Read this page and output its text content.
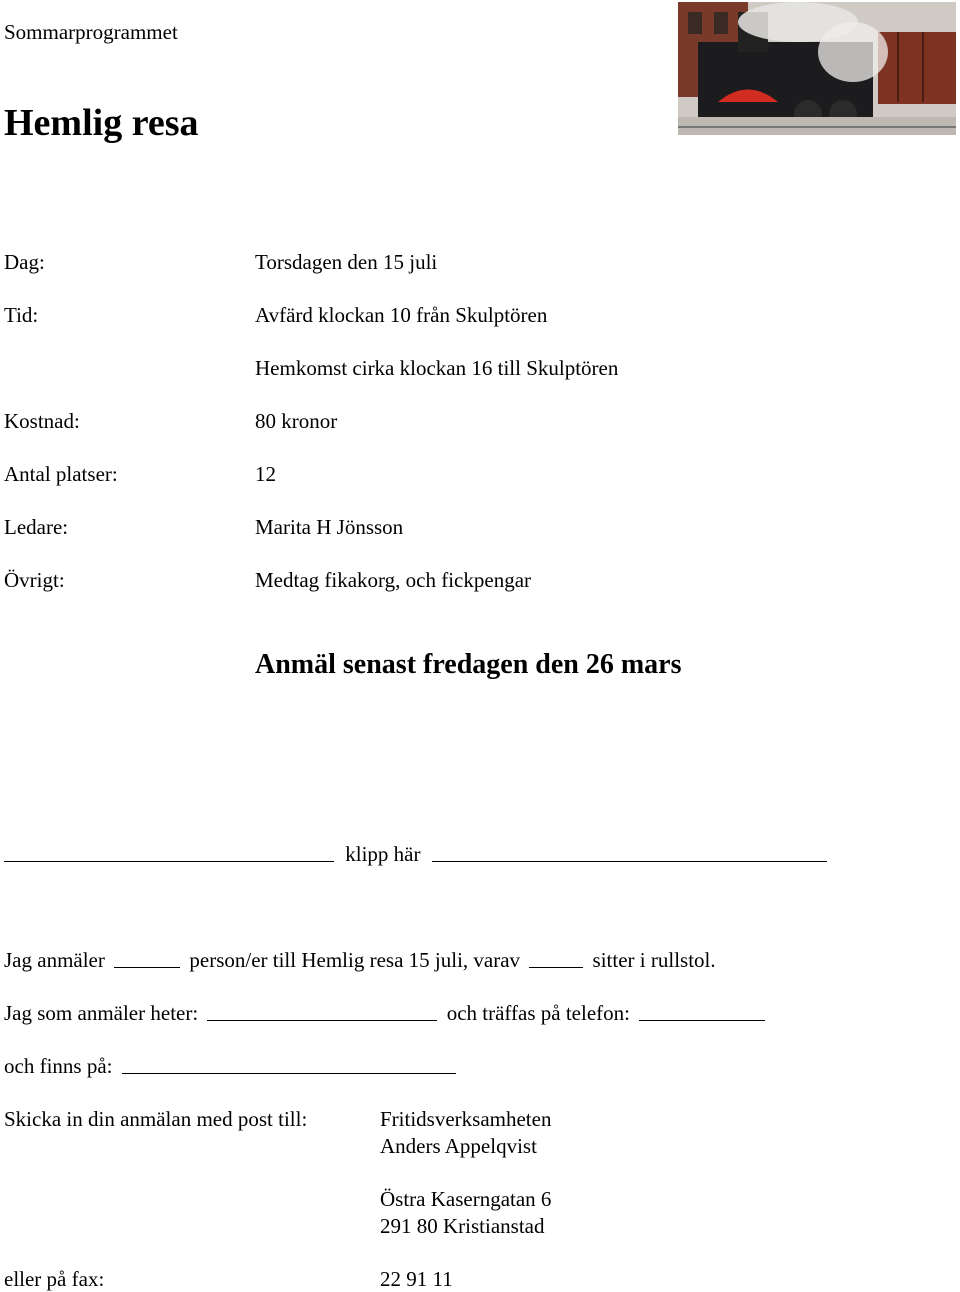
Sommarprogrammet
Hemlig resa
Dag:	Torsdagen den 15 juli
Tid:	Avfärd klockan 10 från Skulptören
Hemkomst cirka klockan 16 till Skulptören
Kostnad:	80 kronor
Antal platser:	12
Ledare:	Marita H Jönsson
Övrigt:	Medtag fikakorg, och fickpengar
Anmäl senast fredagen den 26 mars
klipp här
Jag anmäler	person/er till Hemlig resa 15 juli, varav	sitter i rullstol.
Jag som anmäler heter:	och träffas på telefon:
och finns på:
Skicka in din anmälan med post till:	Fritidsverksamheten
Anders Appelqvist
Östra Kaserngatan 6
291 80 Kristianstad
eller på fax:	22 91 11
